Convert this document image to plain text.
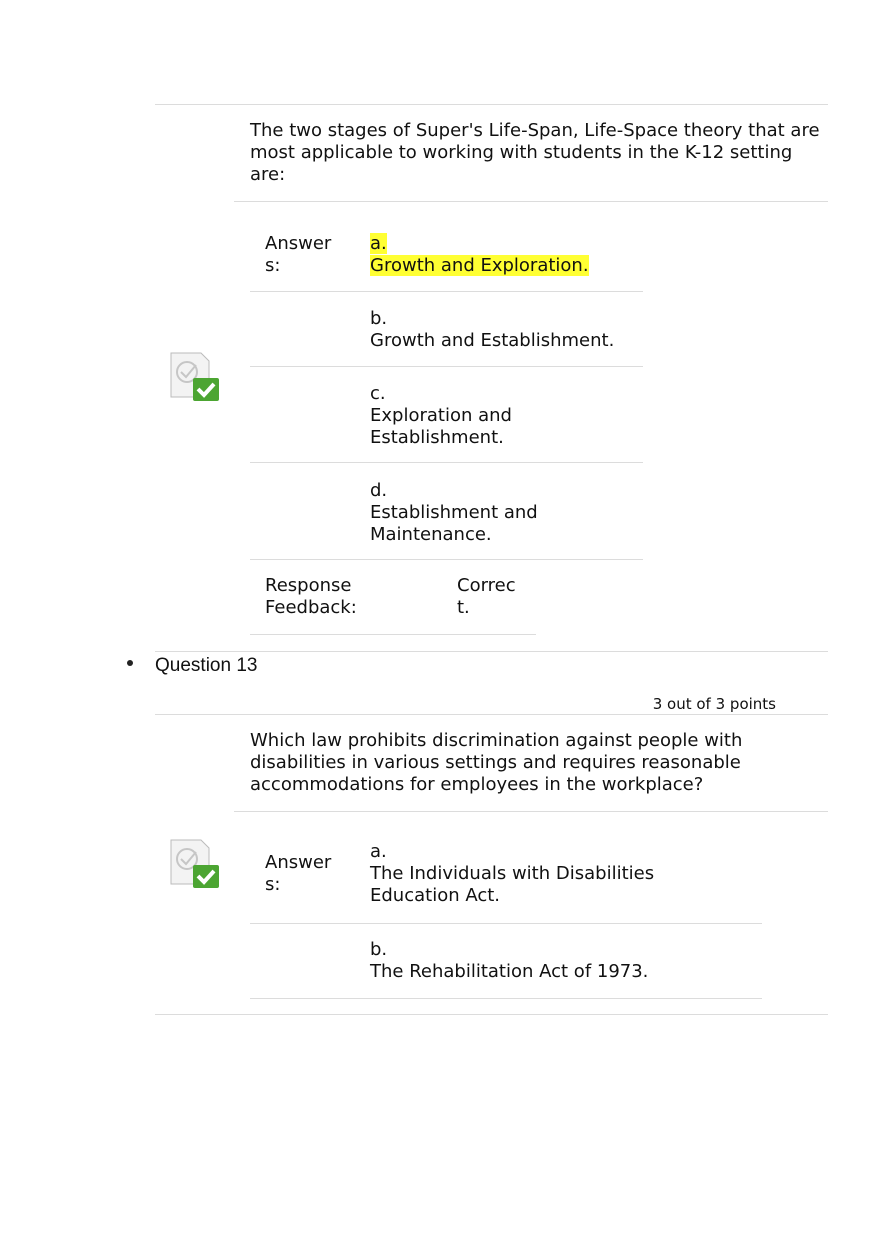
The two stages of Super's Life-Span, Life-Space theory that are most applicable to working with students in the K-12 setting are:
Answers:
a.
Growth and Exploration.
b.
Growth and Establishment.
c.
Exploration and Establishment.
d.
Establishment and Maintenance.
Response Feedback:
Correct.
Question 13
3 out of 3 points
Which law prohibits discrimination against people with disabilities in various settings and requires reasonable accommodations for employees in the workplace?
Answers:
a.
The Individuals with Disabilities Education Act.
b.
The Rehabilitation Act of 1973.
